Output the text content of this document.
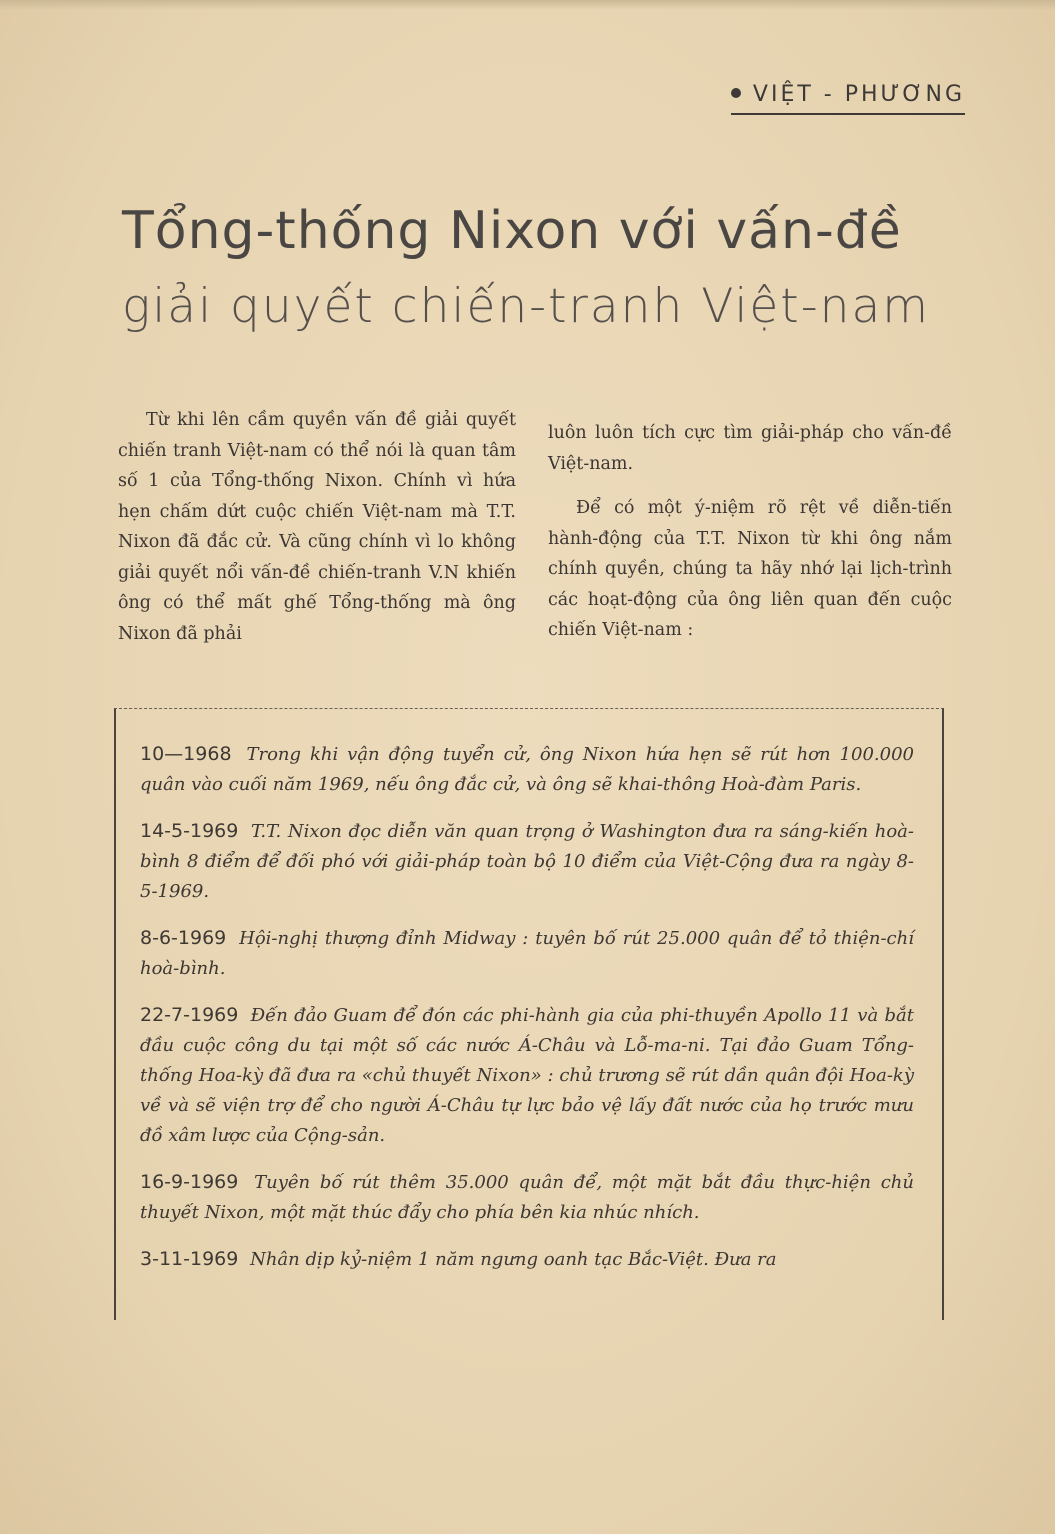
VIỆT - PHƯƠNG
Tổng-thống Nixon với vấn-đề
giải quyết chiến-tranh Việt-nam

Từ khi lên cầm quyền vấn đề giải quyết chiến tranh Việt-nam có thể nói là quan tâm số 1 của Tổng-thống Nixon. Chính vì hứa hẹn chấm dứt cuộc chiến Việt-nam mà T.T. Nixon đã đắc cử. Và cũng chính vì lo không giải quyết nổi vấn-đề chiến-tranh V.N khiến ông có thể mất ghế Tổng-thống mà ông Nixon đã phải

luôn luôn tích cực tìm giải-pháp cho vấn-đề Việt-nam.

Để có một ý-niệm rõ rệt về diễn-tiến hành-động của T.T. Nixon từ khi ông nắm chính quyền, chúng ta hãy nhớ lại lịch-trình các hoạt-động của ông liên quan đến cuộc chiến Việt-nam :

10—1968 Trong khi vận động tuyển cử, ông Nixon hứa hẹn sẽ rút hơn 100.000 quân vào cuối năm 1969, nếu ông đắc cử, và ông sẽ khai-thông Hoà-đàm Paris.
14-5-1969 T.T. Nixon đọc diễn văn quan trọng ở Washington đưa ra sáng-kiến hoà-bình 8 điểm để đối phó với giải-pháp toàn bộ 10 điểm của Việt-Cộng đưa ra ngày 8-5-1969.
8-6-1969 Hội-nghị thượng đỉnh Midway : tuyên bố rút 25.000 quân để tỏ thiện-chí hoà-bình.
22-7-1969 Đến đảo Guam để đón các phi-hành gia của phi-thuyền Apollo 11 và bắt đầu cuộc công du tại một số các nước Á-Châu và Lỗ-ma-ni. Tại đảo Guam Tổng-thống Hoa-kỳ đã đưa ra «chủ thuyết Nixon» : chủ trương sẽ rút dần quân đội Hoa-kỳ về và sẽ viện trợ để cho người Á-Châu tự lực bảo vệ lấy đất nước của họ trước mưu đồ xâm lược của Cộng-sản.
16-9-1969 Tuyên bố rút thêm 35.000 quân để, một mặt bắt đầu thực-hiện chủ thuyết Nixon, một mặt thúc đẩy cho phía bên kia nhúc nhích.
3-11-1969 Nhân dịp kỷ-niệm 1 năm ngưng oanh tạc Bắc-Việt. Đưa ra
